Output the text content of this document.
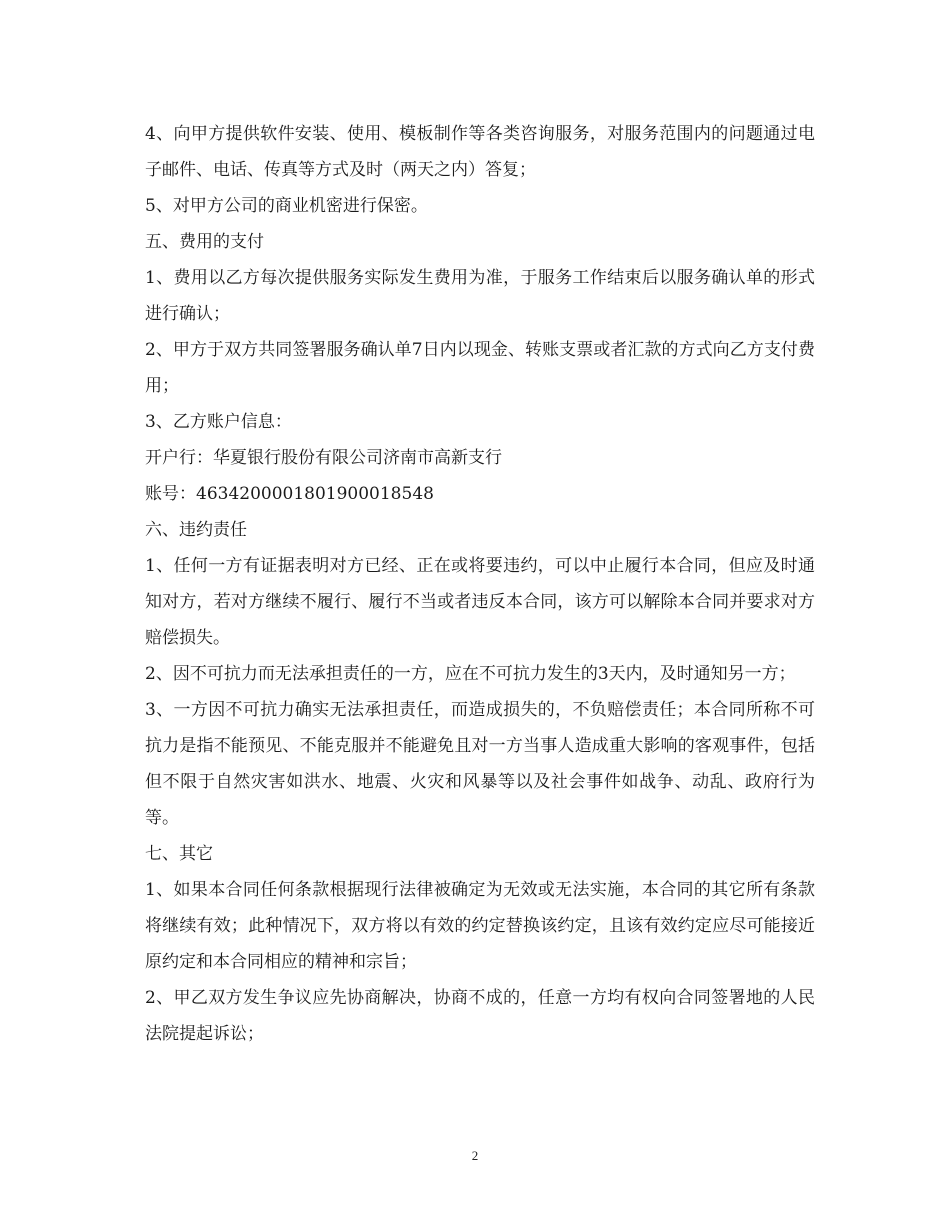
4、向甲方提供软件安装、使用、模板制作等各类咨询服务，对服务范围内的问题通过电子邮件、电话、传真等方式及时（两天之内）答复；

5、对甲方公司的商业机密进行保密。

五、费用的支付

1、费用以乙方每次提供服务实际发生费用为准，于服务工作结束后以服务确认单的形式进行确认；

2、甲方于双方共同签署服务确认单7日内以现金、转账支票或者汇款的方式向乙方支付费用；

3、乙方账户信息：

开户行：华夏银行股份有限公司济南市高新支行

账号：46342000018019000185​48

六、违约责任

1、任何一方有证据表明对方已经、正在或将要违约，可以中止履行本合同，但应及时通知对方，若对方继续不履行、履行不当或者违反本合同，该方可以解除本合同并要求对方赔偿损失。

2、因不可抗力而无法承担责任的一方，应在不可抗力发生的3天内，及时通知另一方；

3、一方因不可抗力确实无法承担责任，而造成损失的，不负赔偿责任；本合同所称不可抗力是指不能预见、不能克服并不能避免且对一方当事人造成重大影响的客观事件，包括但不限于自然灾害如洪水、地震、火灾和风暴等以及社会事件如战争、动乱、政府行为等。

七、其它

1、如果本合同任何条款根据现行法律被确定为无效或无法实施，本合同的其它所有条款将继续有效；此种情况下，双方将以有效的约定替换该约定，且该有效约定应尽可能接近原约定和本合同相应的精神和宗旨；

2、甲乙双方发生争议应先协商解决，协商不成的，任意一方均有权向合同签署地的人民法院提起诉讼；

2
